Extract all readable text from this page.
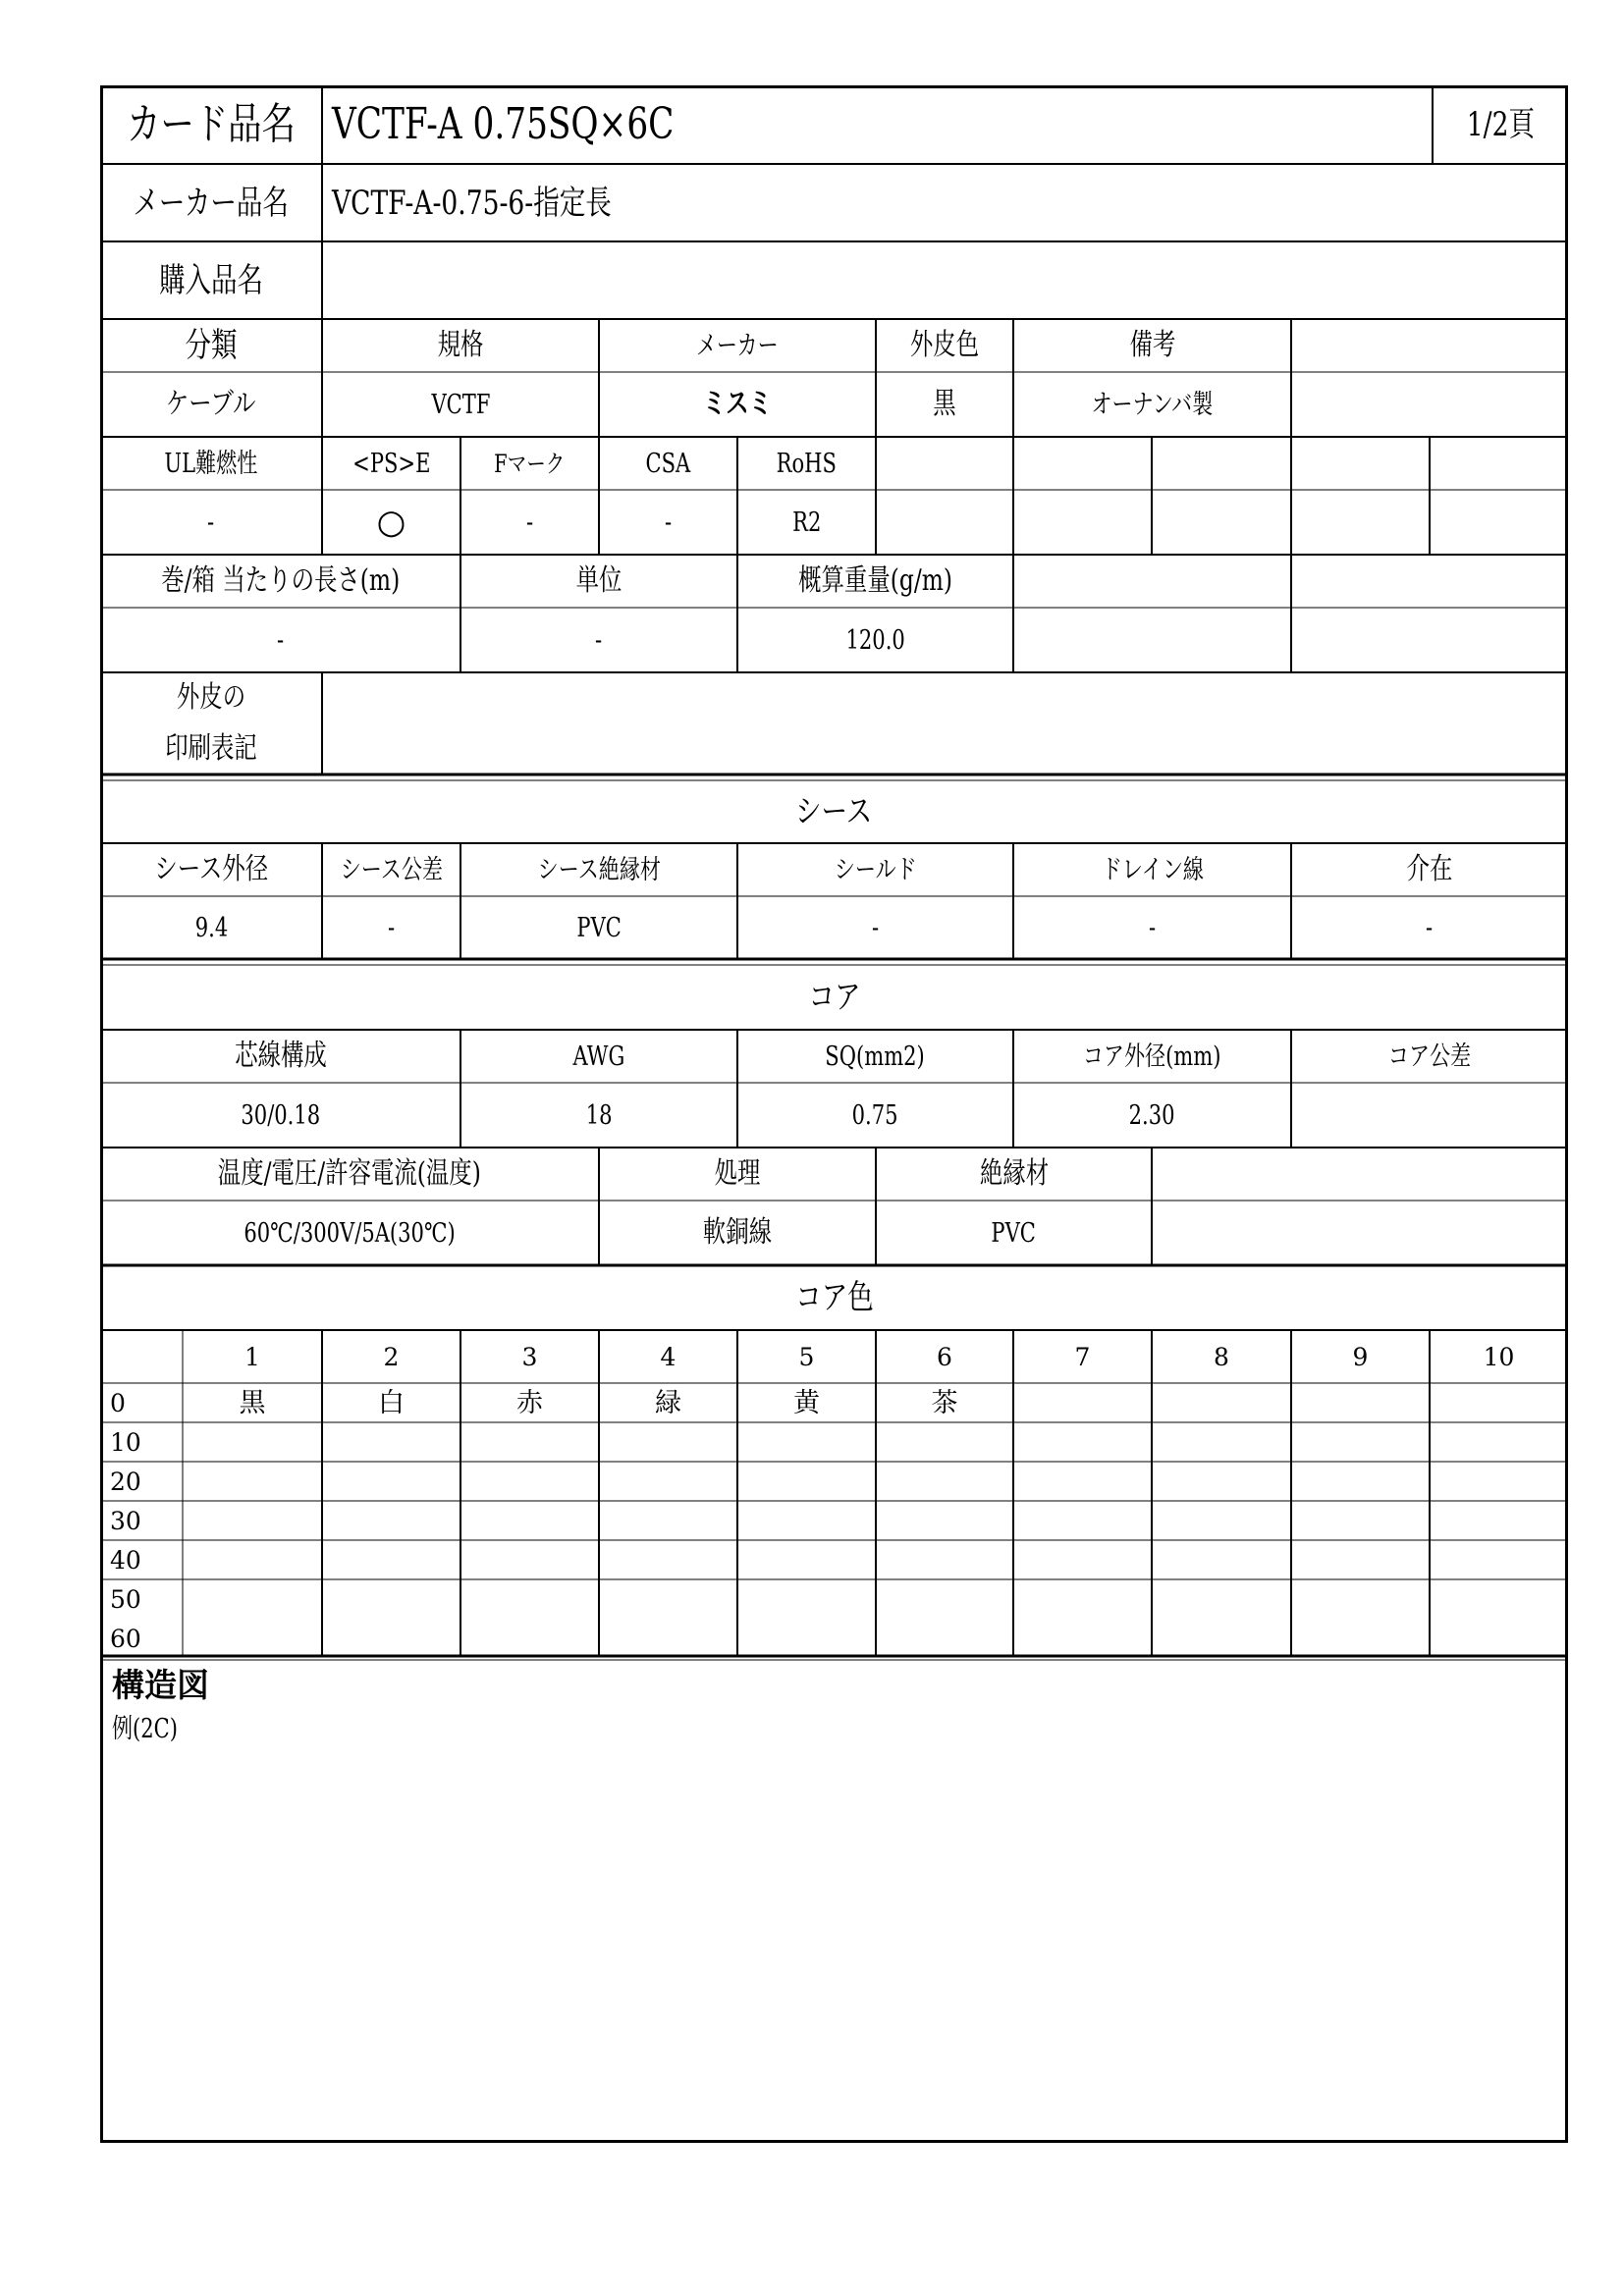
カード品名 VCTF-A 0.75SQ×6C	1/2頁
メーカー品名 VCTF-A-0.75-6-指定長
購入品名
分類	規格	メーカー	外皮色	備考
ケーブル	VCTF	ミスミ	黒	オーナンバ製
UL難燃性	<PS>E	Fマーク	CSA	RoHS
-	○	-	-	R2
巻/箱 当たりの長さ(m)	単位	概算重量(g/m)
-	-	120.0
外皮の
印刷表記
シース
シース外径	シース公差	シース絶縁材	シールド	ドレイン線	介在
9.4	-	PVC	-	-	-
コア
芯線構成	AWG	SQ(mm2)	コア外径(mm)	コア公差
30/0.18	18	0.75	2.30
温度/電圧/許容電流(温度)	処理	絶縁材
60℃/300V/5A(30℃)	軟銅線	PVC
コア色
1	2	3	4	5	6	7	8	9	10
0	黒	白	赤	緑	黄	茶
10
20
30
40
50
60
構造図
例(2C)
